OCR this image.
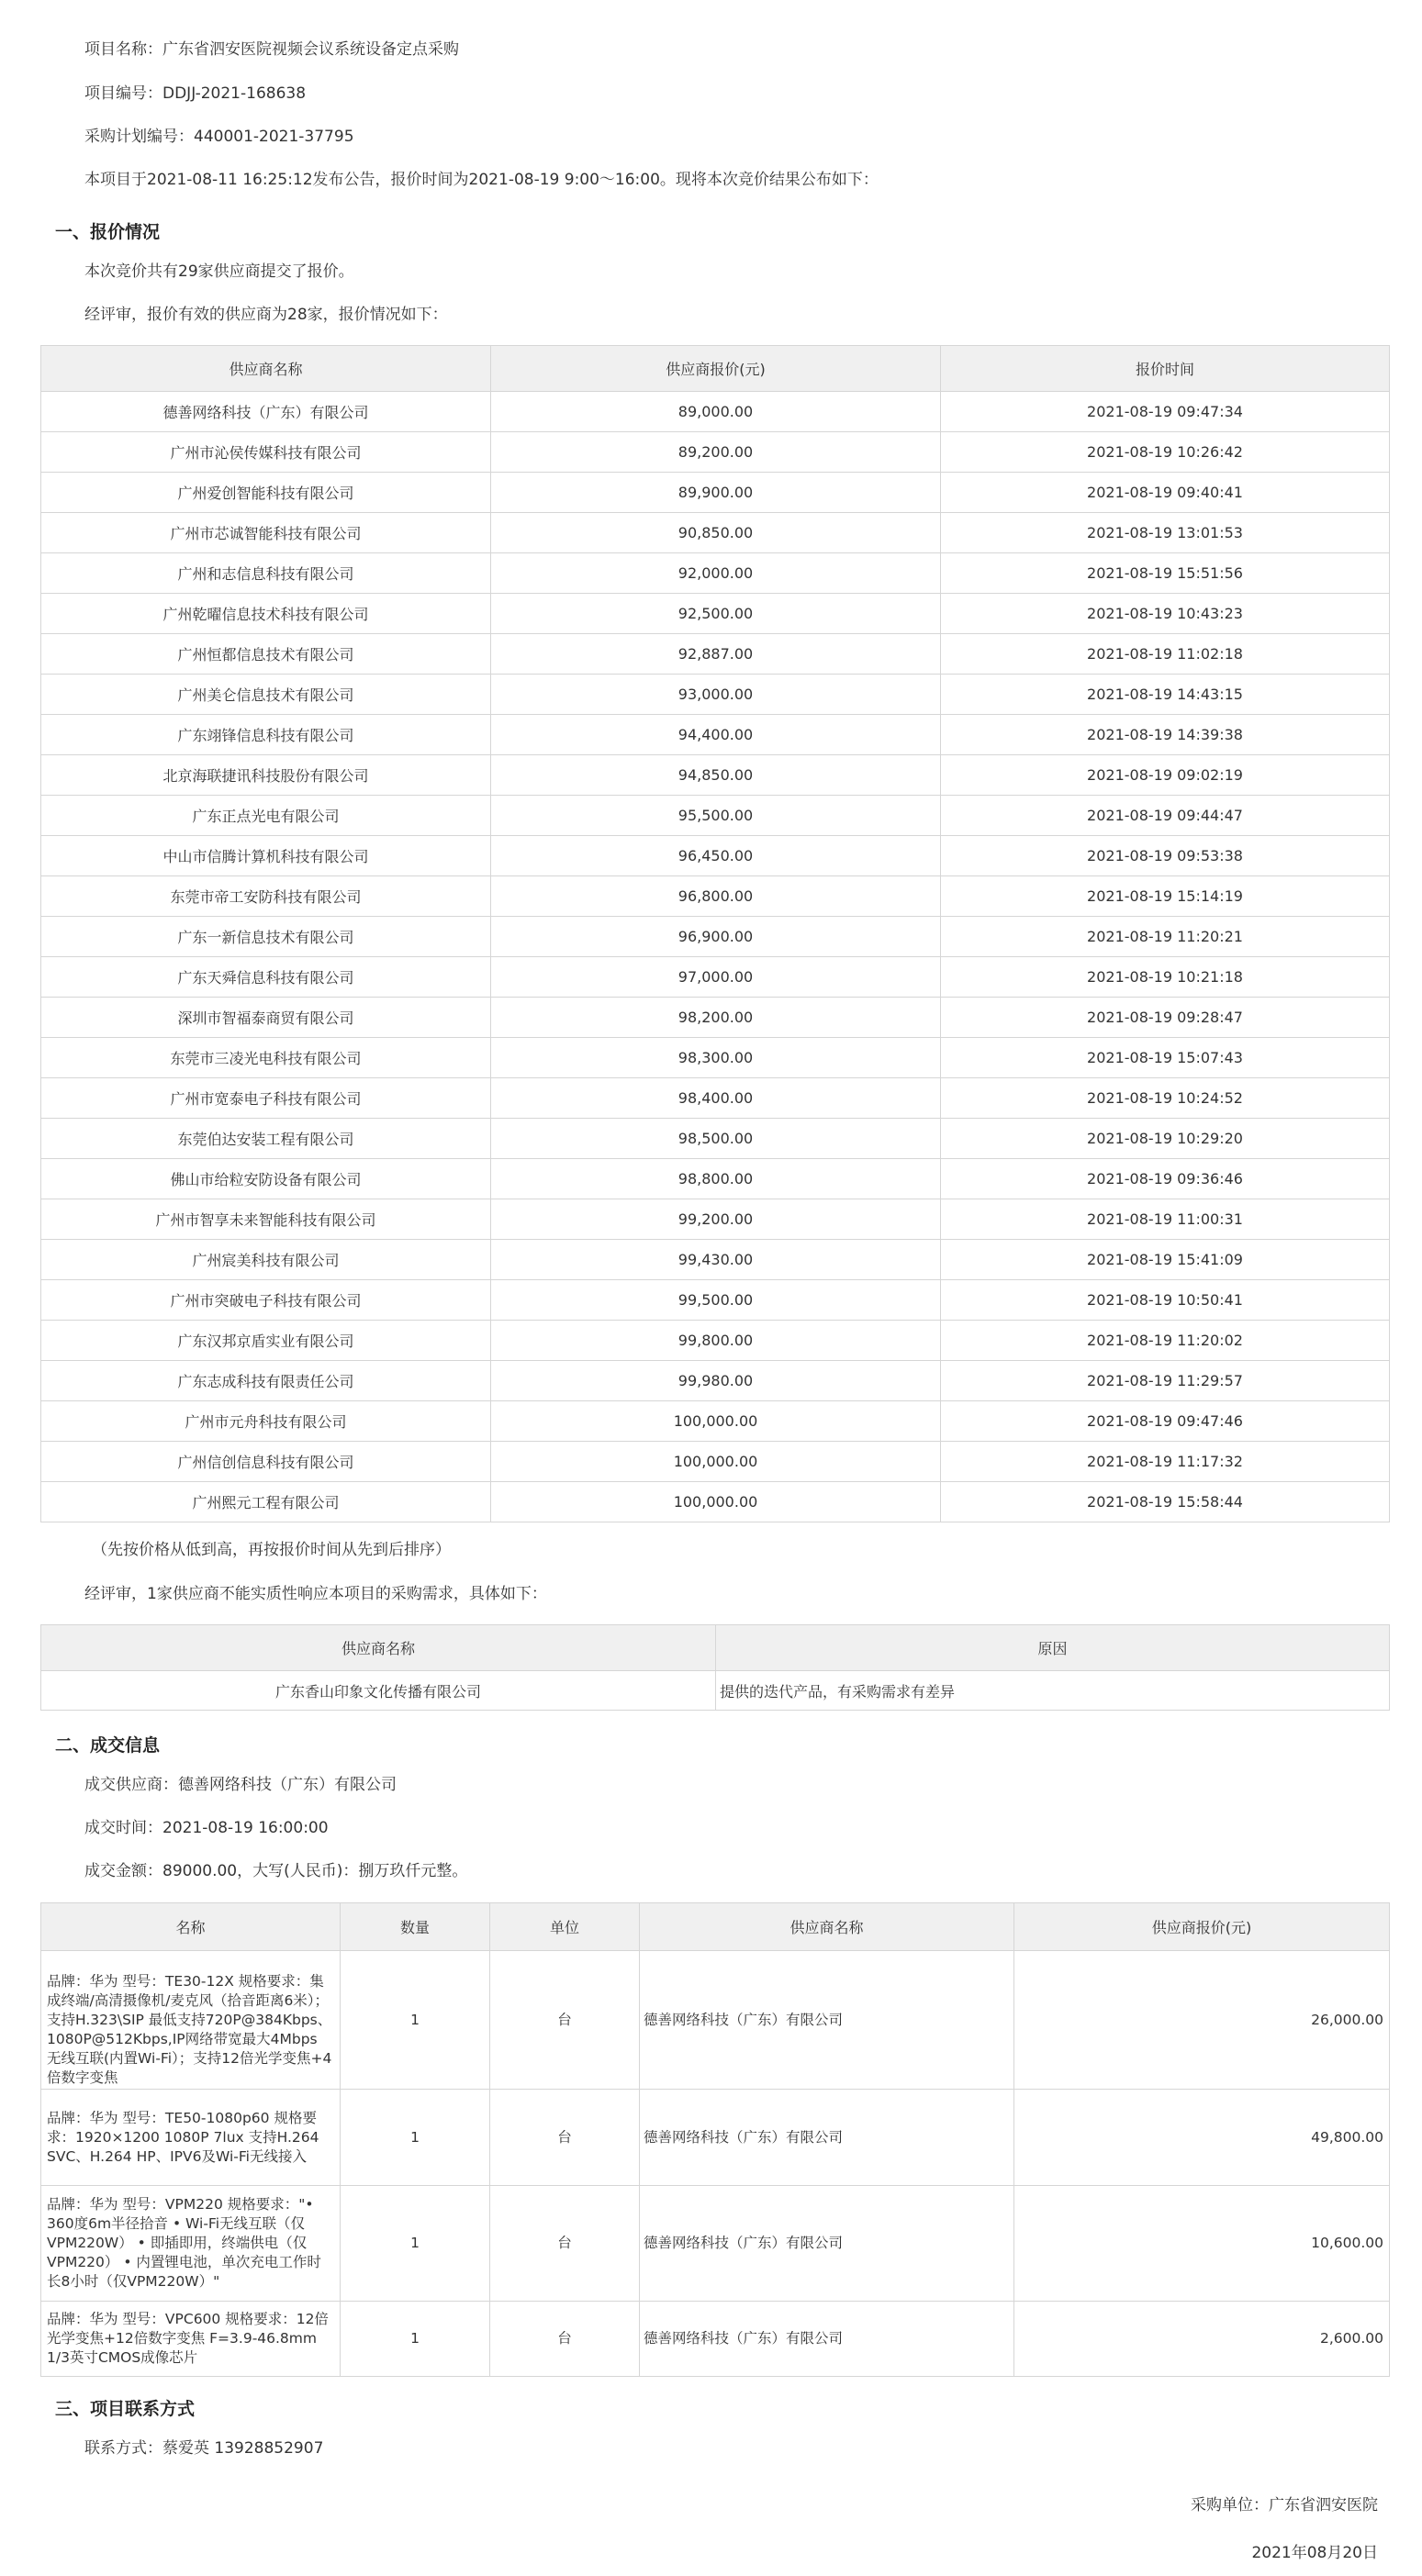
项目名称：广东省泗安医院视频会议系统设备定点采购

项目编号：DDJJ-2021-168638

采购计划编号：440001-2021-37795

本项目于2021-08-11 16:25:12发布公告，报价时间为2021-08-19 9:00～16:00。现将本次竞价结果公布如下：

一、报价情况

本次竞价共有29家供应商提交了报价。

经评审，报价有效的供应商为28家，报价情况如下：

供应商名称	供应商报价(元)	报价时间
德善网络科技（广东）有限公司	89,000.00	2021-08-19 09:47:34
广州市沁侯传媒科技有限公司	89,200.00	2021-08-19 10:26:42
广州爱创智能科技有限公司	89,900.00	2021-08-19 09:40:41
广州市芯诚智能科技有限公司	90,850.00	2021-08-19 13:01:53
广州和志信息科技有限公司	92,000.00	2021-08-19 15:51:56
广州乾曜信息技术科技有限公司	92,500.00	2021-08-19 10:43:23
广州恒都信息技术有限公司	92,887.00	2021-08-19 11:02:18
广州美仑信息技术有限公司	93,000.00	2021-08-19 14:43:15
广东翊锋信息科技有限公司	94,400.00	2021-08-19 14:39:38
北京海联捷讯科技股份有限公司	94,850.00	2021-08-19 09:02:19
广东正点光电有限公司	95,500.00	2021-08-19 09:44:47
中山市信腾计算机科技有限公司	96,450.00	2021-08-19 09:53:38
东莞市帝工安防科技有限公司	96,800.00	2021-08-19 15:14:19
广东一新信息技术有限公司	96,900.00	2021-08-19 11:20:21
广东天舜信息科技有限公司	97,000.00	2021-08-19 10:21:18
深圳市智福泰商贸有限公司	98,200.00	2021-08-19 09:28:47
东莞市三凌光电科技有限公司	98,300.00	2021-08-19 15:07:43
广州市宽泰电子科技有限公司	98,400.00	2021-08-19 10:24:52
东莞伯达安装工程有限公司	98,500.00	2021-08-19 10:29:20
佛山市给粒安防设备有限公司	98,800.00	2021-08-19 09:36:46
广州市智享未来智能科技有限公司	99,200.00	2021-08-19 11:00:31
广州宸美科技有限公司	99,430.00	2021-08-19 15:41:09
广州市突破电子科技有限公司	99,500.00	2021-08-19 10:50:41
广东汉邦京盾实业有限公司	99,800.00	2021-08-19 11:20:02
广东志成科技有限责任公司	99,980.00	2021-08-19 11:29:57
广州市元舟科技有限公司	100,000.00	2021-08-19 09:47:46
广州信创信息科技有限公司	100,000.00	2021-08-19 11:17:32
广州熙元工程有限公司	100,000.00	2021-08-19 15:58:44

（先按价格从低到高，再按报价时间从先到后排序）

经评审，1家供应商不能实质性响应本项目的采购需求，具体如下：

供应商名称	原因
广东香山印象文化传播有限公司	提供的迭代产品，有采购需求有差异
二、成交信息

成交供应商：德善网络科技（广东）有限公司

成交时间：2021-08-19 16:00:00

成交金额：89000.00，大写(人民币)：捌万玖仟元整。

名称	数量	单位	供应商名称	供应商报价(元)

品牌：华为 型号：TE30-12X 规格要求：集成终端/高清摄像机/麦克风（拾音距离6米）；支持H.323\SIP 最低支持720P@384Kbps、1080P@512Kbps,IP网络带宽最大4Mbps 无线互联(内置Wi-Fi）；支持12倍光学变焦+4倍数字变焦	1	台	德善网络科技（广东）有限公司	26,000.00
品牌：华为 型号：TE50-1080p60 规格要求：1920×1200 1080P 7lux 支持H.264 SVC、H.264 HP、IPV6及Wi-Fi无线接入	1	台	德善网络科技（广东）有限公司	49,800.00
品牌：华为 型号：VPM220 规格要求："• 360度6m半径拾音 • Wi-Fi无线互联（仅VPM220W） • 即插即用，终端供电（仅VPM220） • 内置锂电池，单次充电工作时长8小时（仅VPM220W）"	1	台	德善网络科技（广东）有限公司	10,600.00
品牌：华为 型号：VPC600 规格要求：12倍光学变焦+12倍数字变焦 F=3.9-46.8mm 1/3英寸CMOS成像芯片	1	台	德善网络科技（广东）有限公司	2,600.00
三、项目联系方式

联系方式：蔡爱英 13928852907

采购单位：广东省泗安医院

2021年08月20日
